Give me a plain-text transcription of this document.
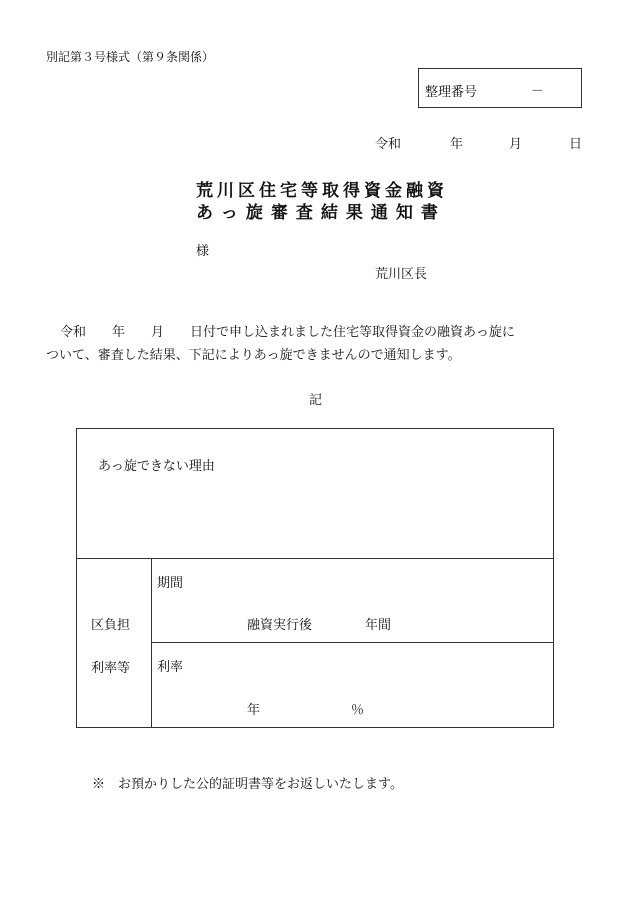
別記第３号様式（第９条関係）
整理番号	－
令和	年	月	日
荒川区住宅等取得資金融資
あっ旋審査結果通知書
様
荒川区長
令和　　年　　月　　日付で申し込まれました住宅等取得資金の融資あっ旋に
ついて、審査した結果、下記によりあっ旋できませんので通知します。
記
あっ旋できない理由
区負担
利率等
期間
融資実行後	年間
利率
年	％
※　お預かりした公的証明書等をお返しいたします。
